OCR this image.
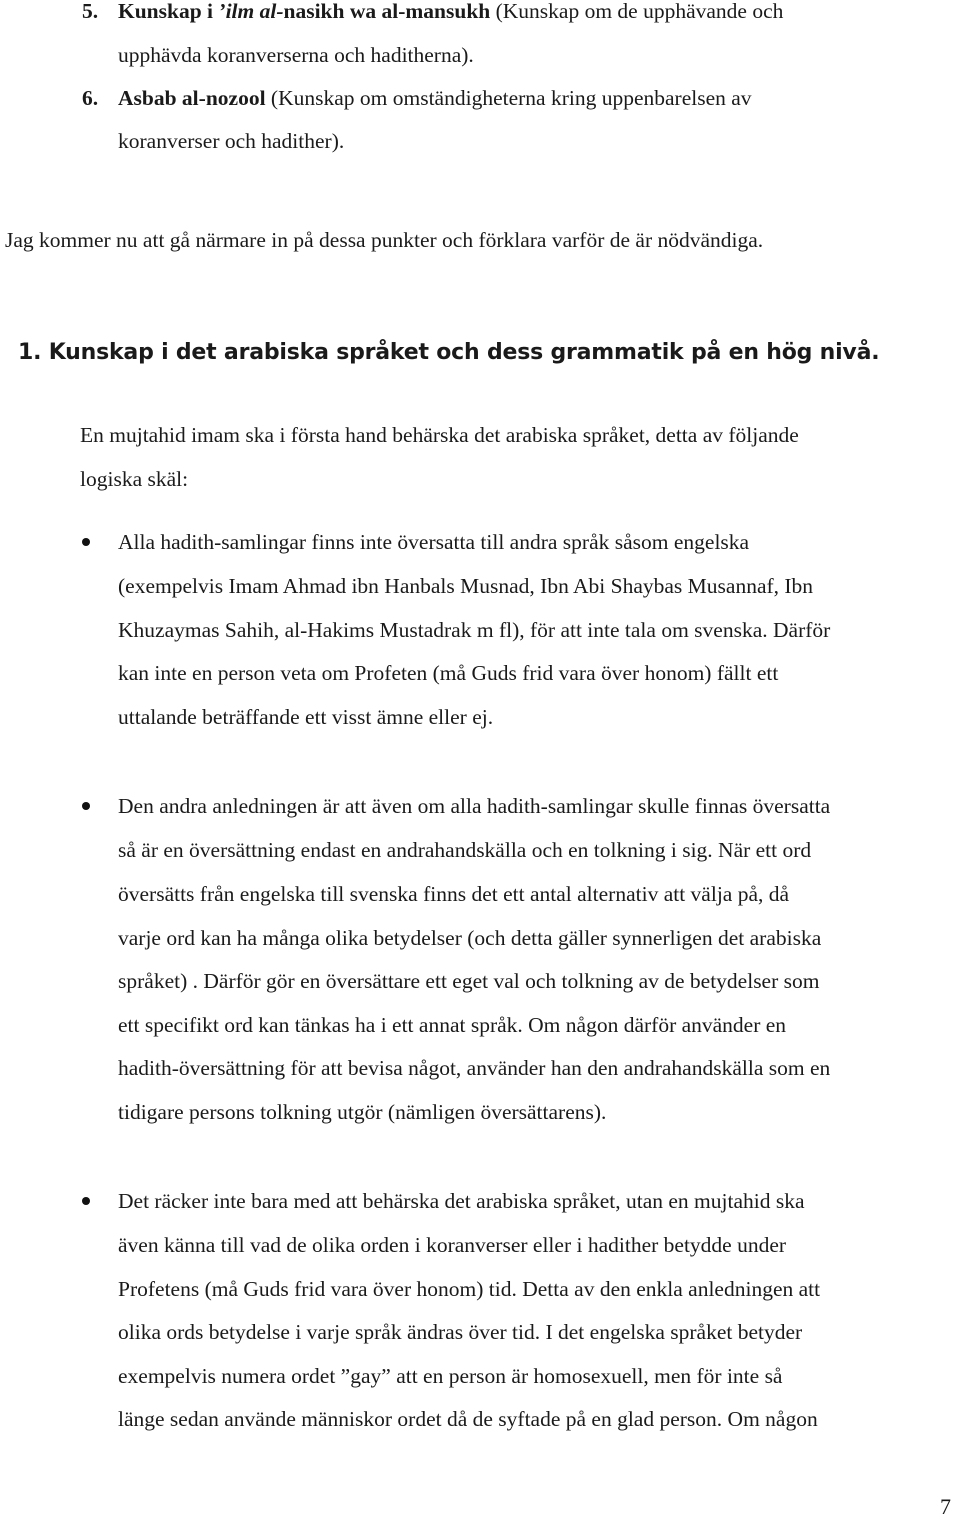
5. Kunskap i ’ilm al-nasikh wa al-mansukh (Kunskap om de upphävande och
upphävda koranverserna och haditherna).
6. Asbab al-nozool (Kunskap om omständigheterna kring uppenbarelsen av
koranverser och hadither).
Jag kommer nu att gå närmare in på dessa punkter och förklara varför de är nödvändiga.
1. Kunskap i det arabiska språket och dess grammatik på en hög nivå.
En mujtahid imam ska i första hand behärska det arabiska språket, detta av följande
logiska skäl:
Alla hadith-samlingar finns inte översatta till andra språk såsom engelska
(exempelvis Imam Ahmad ibn Hanbals Musnad, Ibn Abi Shaybas Musannaf, Ibn
Khuzaymas Sahih, al-Hakims Mustadrak m fl), för att inte tala om svenska. Därför
kan inte en person veta om Profeten (må Guds frid vara över honom) fällt ett
uttalande beträffande ett visst ämne eller ej.
Den andra anledningen är att även om alla hadith-samlingar skulle finnas översatta
så är en översättning endast en andrahandskälla och en tolkning i sig. När ett ord
översätts från engelska till svenska finns det ett antal alternativ att välja på, då
varje ord kan ha många olika betydelser (och detta gäller synnerligen det arabiska
språket) . Därför gör en översättare ett eget val och tolkning av de betydelser som
ett specifikt ord kan tänkas ha i ett annat språk. Om någon därför använder en
hadith-översättning för att bevisa något, använder han den andrahandskälla som en
tidigare persons tolkning utgör (nämligen översättarens).
Det räcker inte bara med att behärska det arabiska språket, utan en mujtahid ska
även känna till vad de olika orden i koranverser eller i hadither betydde under
Profetens (må Guds frid vara över honom) tid. Detta av den enkla anledningen att
olika ords betydelse i varje språk ändras över tid. I det engelska språket betyder
exempelvis numera ordet ”gay” att en person är homosexuell, men för inte så
länge sedan använde människor ordet då de syftade på en glad person. Om någon
7
